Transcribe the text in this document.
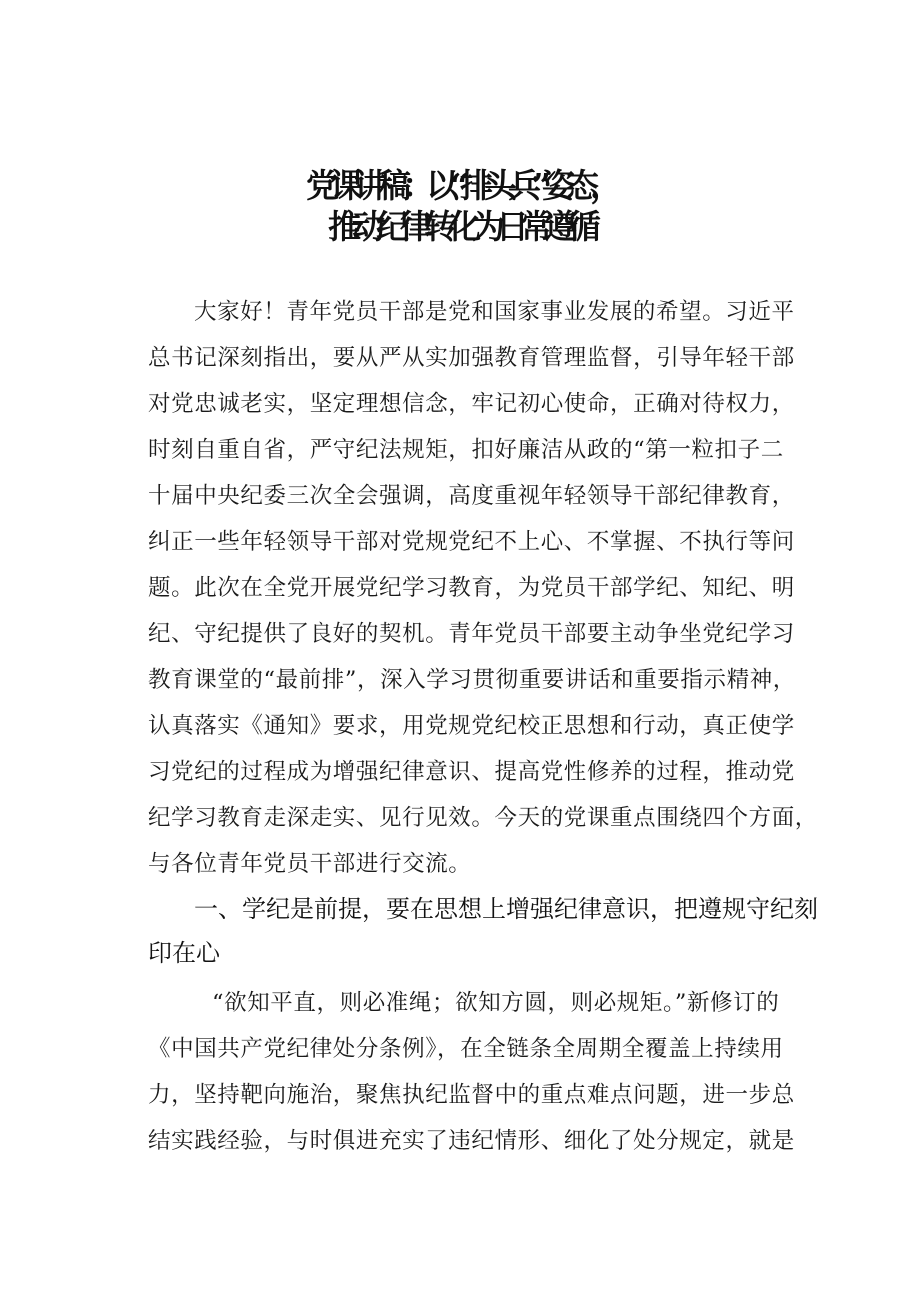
党课讲稿：以“排头兵”姿态，
推动纪律转化为日常遵循
大家好！青年党员干部是党和国家事业发展的希望。习近平
总书记深刻指出，要从严从实加强教育管理监督，引导年轻干部
对党忠诚老实，坚定理想信念，牢记初心使命，正确对待权力，
时刻自重自省，严守纪法规矩，扣好廉洁从政的“第一粒扣子二
十届中央纪委三次全会强调，高度重视年轻领导干部纪律教育，
纠正一些年轻领导干部对党规党纪不上心、不掌握、不执行等问
题。此次在全党开展党纪学习教育，为党员干部学纪、知纪、明
纪、守纪提供了良好的契机。青年党员干部要主动争坐党纪学习
教育课堂的“最前排”，深入学习贯彻重要讲话和重要指示精神，
认真落实《通知》要求，用党规党纪校正思想和行动，真正使学
习党纪的过程成为增强纪律意识、提高党性修养的过程，推动党
纪学习教育走深走实、见行见效。今天的党课重点围绕四个方面，
与各位青年党员干部进行交流。
一、学纪是前提，要在思想上增强纪律意识，把遵规守纪刻
印在心
“欲知平直，则必准绳；欲知方圆，则必规矩。”新修订的
《中国共产党纪律处分条例》，在全链条全周期全覆盖上持续用
力，坚持靶向施治，聚焦执纪监督中的重点难点问题，进一步总
结实践经验，与时俱进充实了违纪情形、细化了处分规定，就是
